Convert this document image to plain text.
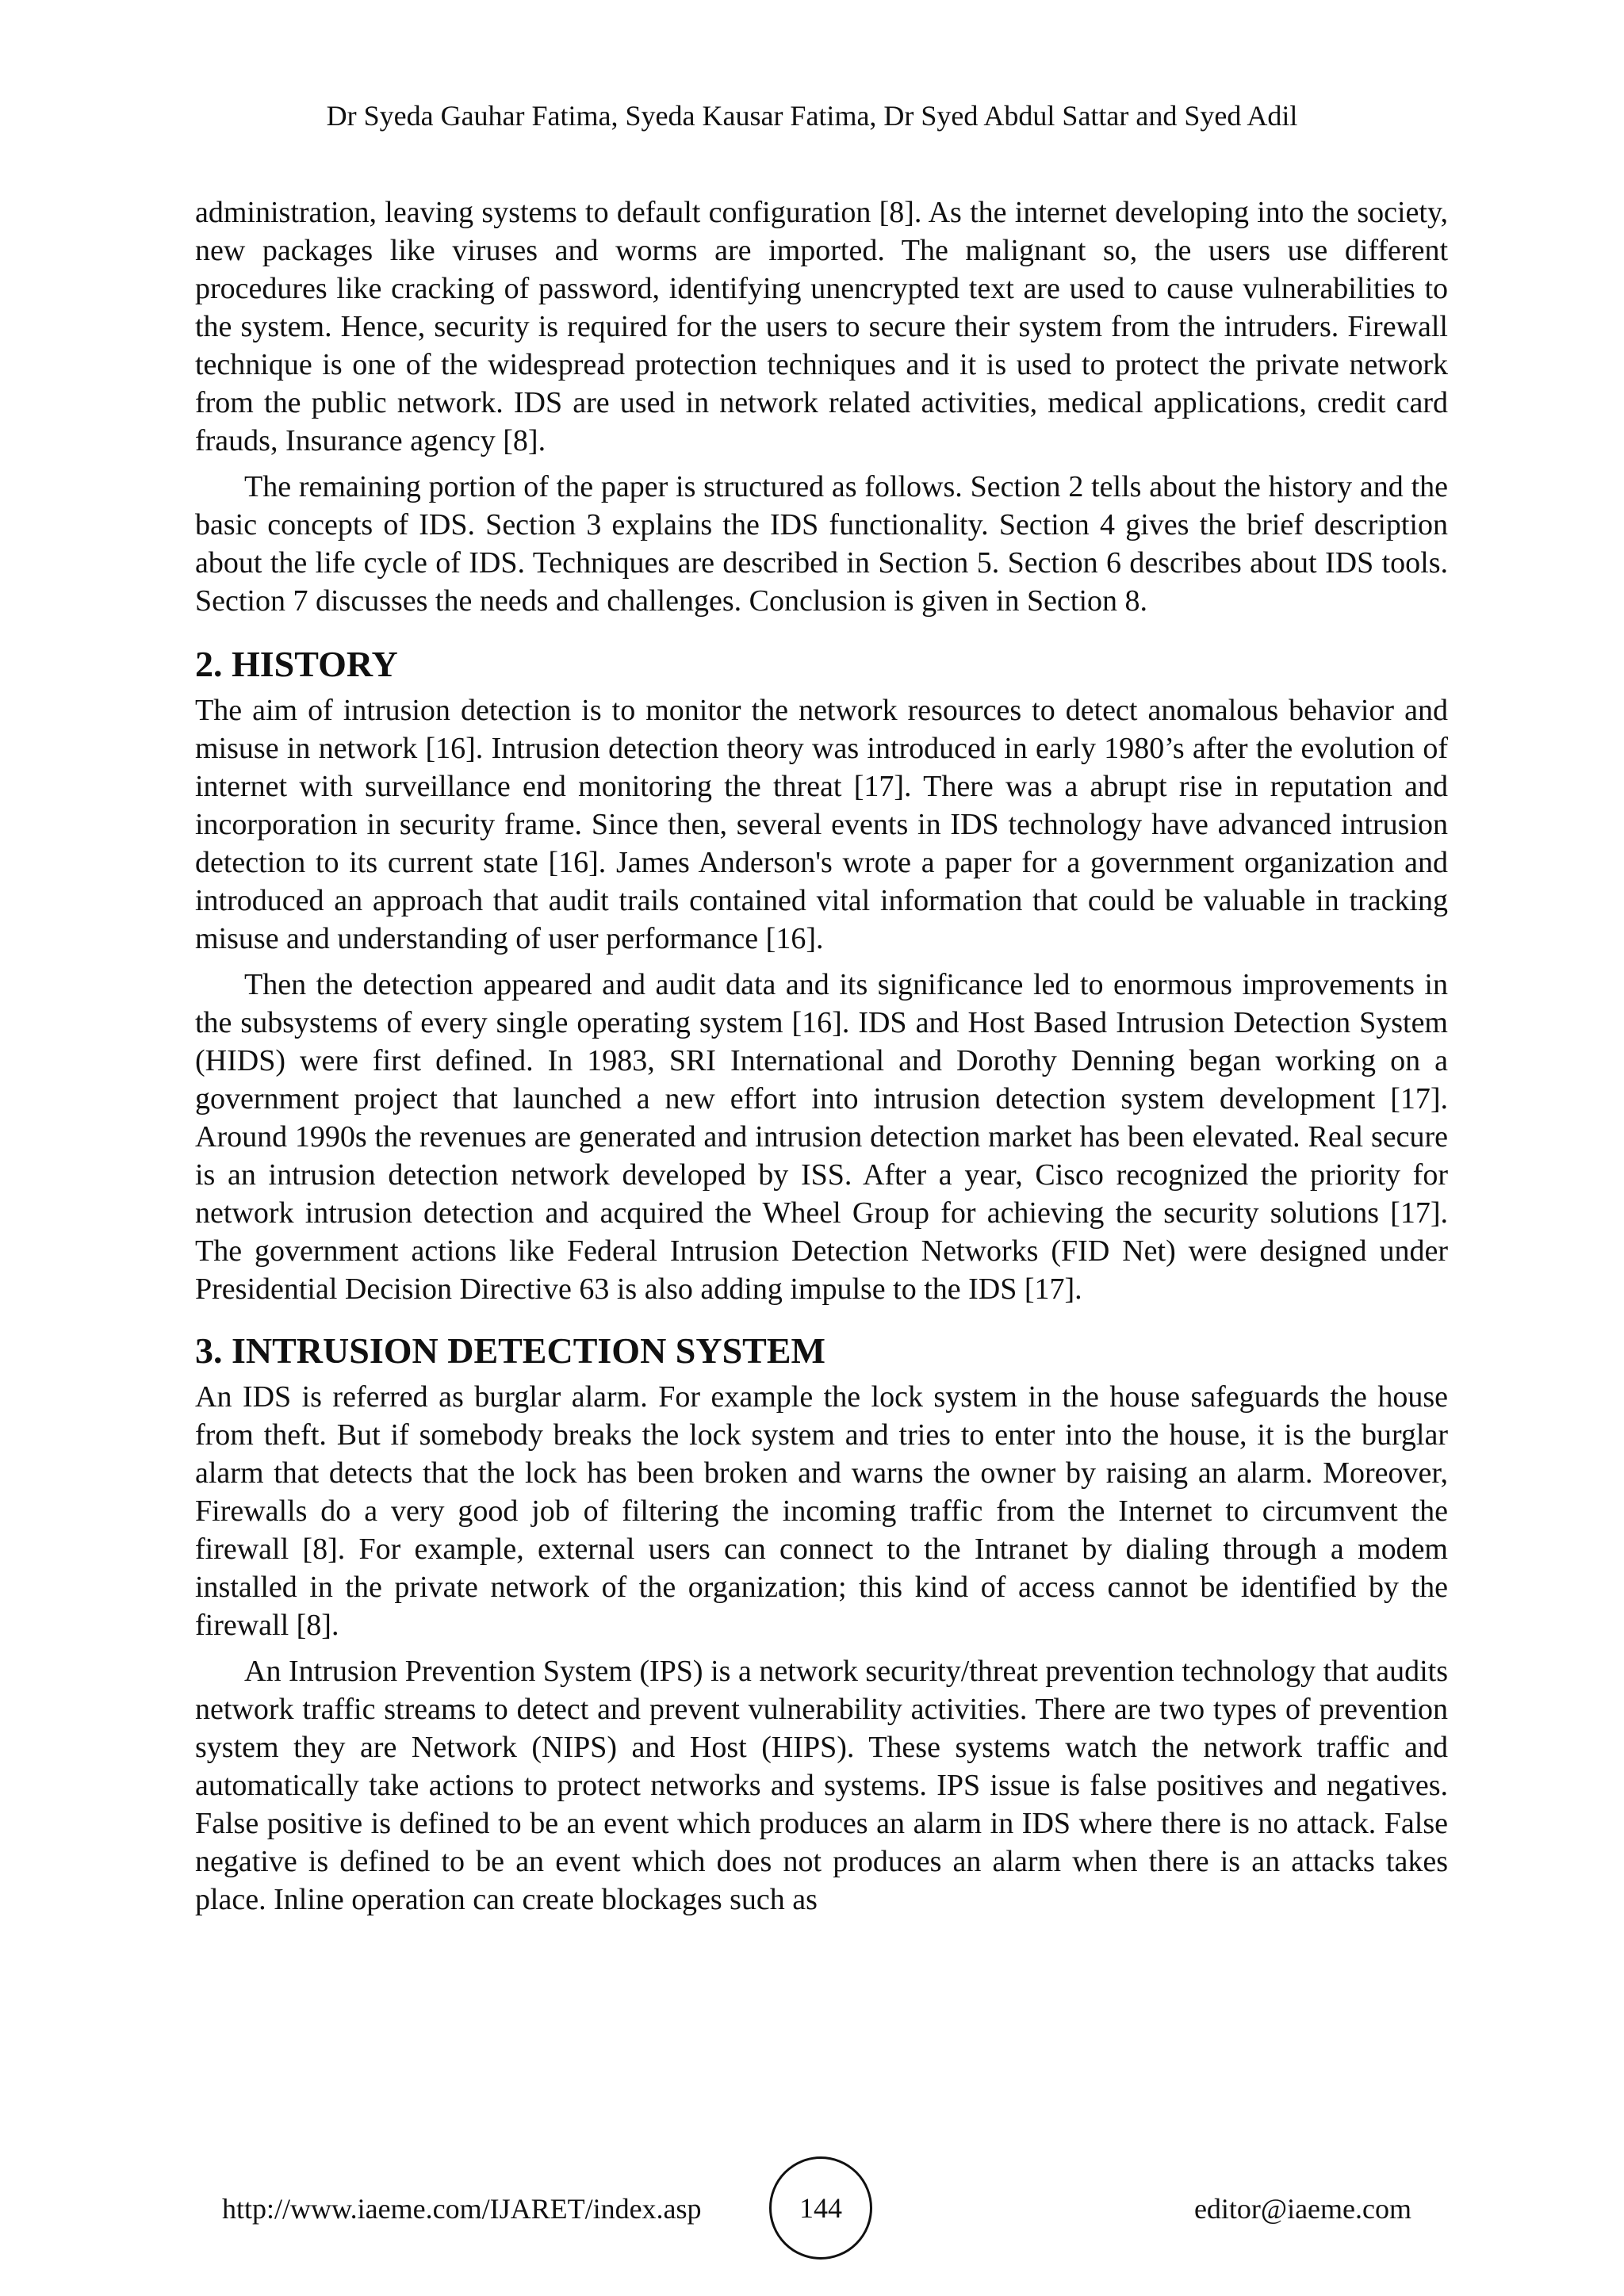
Dr Syeda Gauhar Fatima, Syeda Kausar Fatima, Dr Syed Abdul Sattar and Syed Adil

administration, leaving systems to default configuration [8]. As the internet developing into the society, new packages like viruses and worms are imported. The malignant so, the users use different procedures like cracking of password, identifying unencrypted text are used to cause vulnerabilities to the system. Hence, security is required for the users to secure their system from the intruders. Firewall technique is one of the widespread protection techniques and it is used to protect the private network from the public network. IDS are used in network related activities, medical applications, credit card frauds, Insurance agency [8].

The remaining portion of the paper is structured as follows. Section 2 tells about the history and the basic concepts of IDS. Section 3 explains the IDS functionality. Section 4 gives the brief description about the life cycle of IDS. Techniques are described in Section 5. Section 6 describes about IDS tools. Section 7 discusses the needs and challenges. Conclusion is given in Section 8.

2. HISTORY

The aim of intrusion detection is to monitor the network resources to detect anomalous behavior and misuse in network [16]. Intrusion detection theory was introduced in early 1980’s after the evolution of internet with surveillance end monitoring the threat [17]. There was a abrupt rise in reputation and incorporation in security frame. Since then, several events in IDS technology have advanced intrusion detection to its current state [16]. James Anderson's wrote a paper for a government organization and introduced an approach that audit trails contained vital information that could be valuable in tracking misuse and understanding of user performance [16].

Then the detection appeared and audit data and its significance led to enormous improvements in the subsystems of every single operating system [16]. IDS and Host Based Intrusion Detection System (HIDS) were first defined. In 1983, SRI International and Dorothy Denning began working on a government project that launched a new effort into intrusion detection system development [17]. Around 1990s the revenues are generated and intrusion detection market has been elevated. Real secure is an intrusion detection network developed by ISS. After a year, Cisco recognized the priority for network intrusion detection and acquired the Wheel Group for achieving the security solutions [17]. The government actions like Federal Intrusion Detection Networks (FID Net) were designed under Presidential Decision Directive 63 is also adding impulse to the IDS [17].

3. INTRUSION DETECTION SYSTEM

An IDS is referred as burglar alarm. For example the lock system in the house safeguards the house from theft. But if somebody breaks the lock system and tries to enter into the house, it is the burglar alarm that detects that the lock has been broken and warns the owner by raising an alarm. Moreover, Firewalls do a very good job of filtering the incoming traffic from the Internet to circumvent the firewall [8]. For example, external users can connect to the Intranet by dialing through a modem installed in the private network of the organization; this kind of access cannot be identified by the firewall [8].

An Intrusion Prevention System (IPS) is a network security/threat prevention technology that audits network traffic streams to detect and prevent vulnerability activities. There are two types of prevention system they are Network (NIPS) and Host (HIPS). These systems watch the network traffic and automatically take actions to protect networks and systems. IPS issue is false positives and negatives. False positive is defined to be an event which produces an alarm in IDS where there is no attack. False negative is defined to be an event which does not produces an alarm when there is an attacks takes place. Inline operation can create blockages such as

http://www.iaeme.com/IJARET/index.asp	144	editor@iaeme.com
